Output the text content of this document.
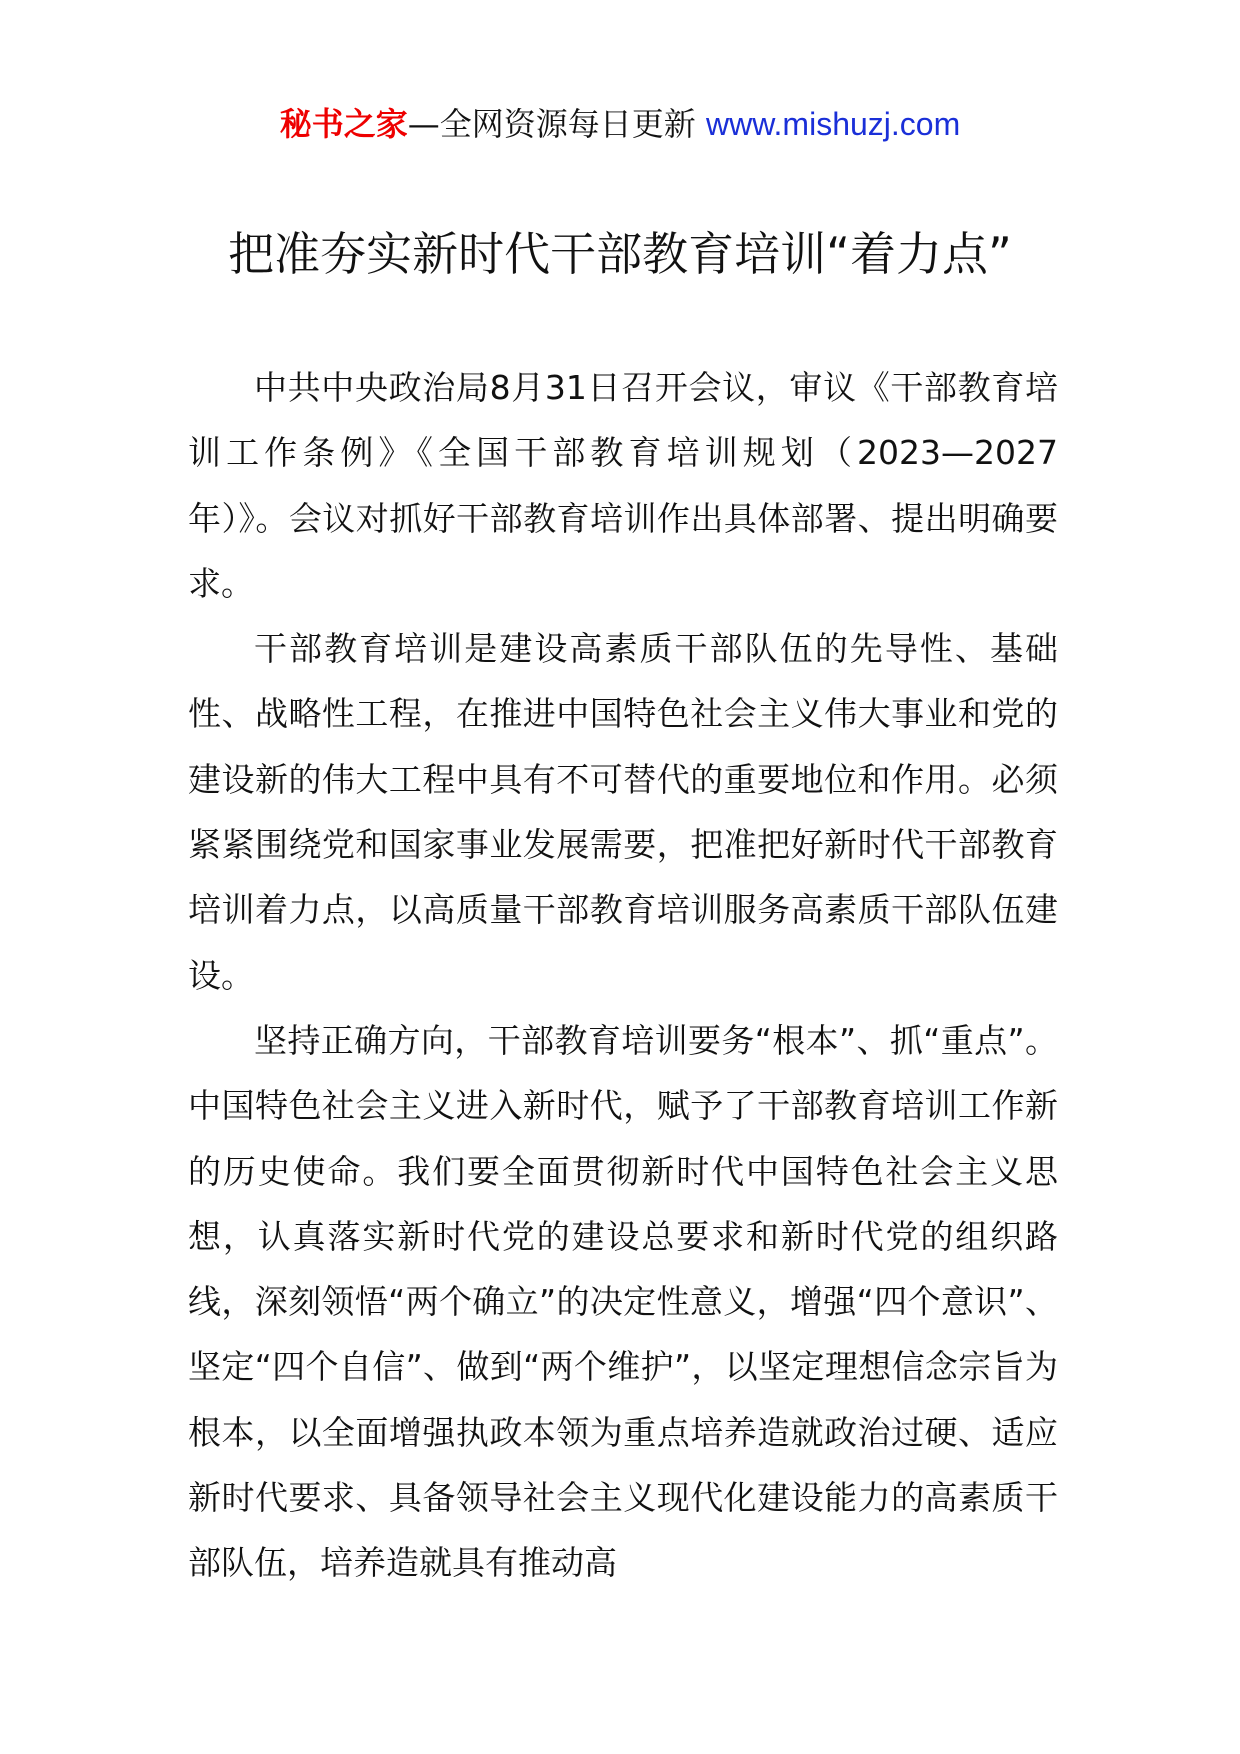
秘书之家—全网资源每日更新 www.mishuzj.com
把准夯实新时代干部教育培训“着力点”

中共中央政治局8月31日召开会议，审议《干部教育培训工作条例》《全国干部教育培训规划（2023—2027年）》。会议对抓好干部教育培训作出具体部署、提出明确要求。

干部教育培训是建设高素质干部队伍的先导性、基础性、战略性工程，在推进中国特色社会主义伟大事业和党的建设新的伟大工程中具有不可替代的重要地位和作用。必须紧紧围绕党和国家事业发展需要，把准把好新时代干部教育培训着力点，以高质量干部教育培训服务高素质干部队伍建设。

坚持正确方向，干部教育培训要务“根本”、抓“重点”。中国特色社会主义进入新时代，赋予了干部教育培训工作新的历史使命。我们要全面贯彻新时代中国特色社会主义思想，认真落实新时代党的建设总要求和新时代党的组织路线，深刻领悟“两个确立”的决定性意义，增强“四个意识”、坚定“四个自信”、做到“两个维护”，以坚定理想信念宗旨为根本，以全面增强执政本领为重点培养造就政治过硬、适应新时代要求、具备领导社会主义现代化建设能力的高素质干部队伍，培养造就具有推动高
